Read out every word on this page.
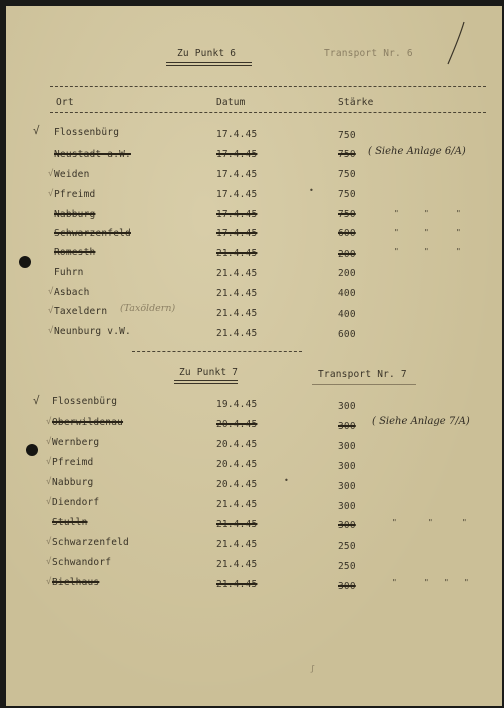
Zu Punkt 6	Transport Nr. 6
Ort	Datum	Stärke
√ Flossenbürg	17.4.45	750
Neustadt a.W.	17.4.45	750 ( Siehe Anlage 6/A)
√ Weiden	17.4.45	750
√ Pfreimd	17.4.45	750
•
Nabburg	17.4.45	750	"	"	"
Schwarzenfeld	17.4.45	600	"	"	"
Romesth	21.4.45	200	"	"	"
Fuhrn	21.4.45	200
√ Asbach	21.4.45	400
√ Taxeldern (Taxöldern)	21.4.45	400
√ Neunburg v.W.	21.4.45	600
Zu Punkt 7	Transport Nr. 7
√ Flossenbürg	19.4.45	300
√ Oberwildenau	20.4.45	300 ( Siehe Anlage 7/A)
√ Wernberg	20.4.45	300
√ Pfreimd	20.4.45	300
√ Nabburg	20.4.45	300
•
√ Diendorf	21.4.45	300
Stulln	21.4.45	300	"	"	"
√ Schwarzenfeld	21.4.45	250
√ Schwandorf	21.4.45	250
√ Bielhaus	21.4.45	300	"	" " "
ʃ
